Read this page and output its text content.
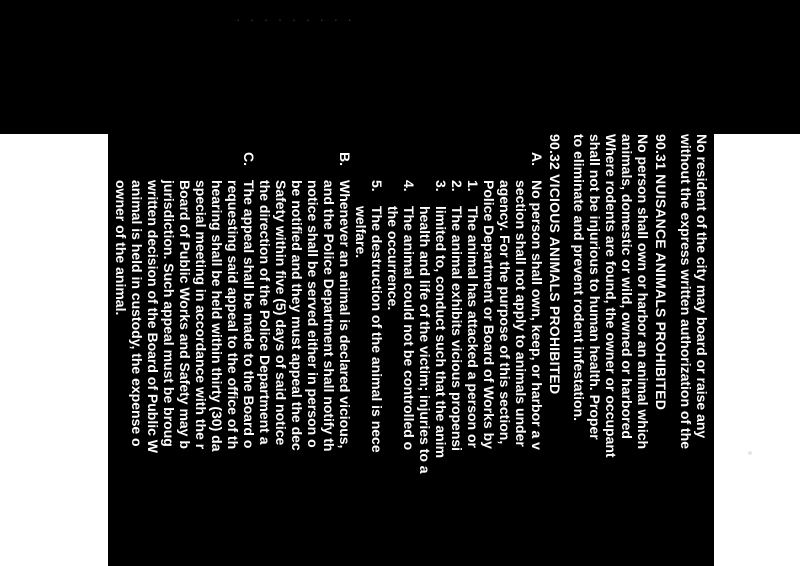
· · · · · · · · ·
No resident of the city may board or raise any
without the express written authorization of the
90.31 NUISANCE ANIMALS PROHIBITED
No person shall own or harbor an animal which
animals, domestic or wild, owned or harbored
Where rodents are found, the owner or occupant
shall not be injurious to human health. Proper
to eliminate and prevent rodent infestation.
90.32 VICIOUS ANIMALS PROHIBITED
A.
No person shall own, keep, or harbor a v
section shall not apply to animals under
agency. For the purpose of this section,
Police Department or Board of Works by
1.
The animal has attacked a person or
2.
The animal exhibits vicious propensi
3.
limited to, conduct such that the anim
health and life of the victim; injuries to a
4.
The animal could not be controlled o
the occurrence.
5.
The destruction of the animal is nece
welfare.
B.
Whenever an animal is declared vicious,
and the Police Department shall notify th
notice shall be served either in person o
be notified and they must appeal the dec
Safety within five (5) days of said notice
the direction of the Police Department a
C.
The appeal shall be made to the Board o
requesting said appeal to the office of th
hearing shall be held within thirty (30) da
special meeting in accordance with the r
Board of Public Works and Safety may b
jurisdiction. Such appeal must be broug
written decision of the Board of Public W
animal is held in custody, the expense o
owner of the animal.
